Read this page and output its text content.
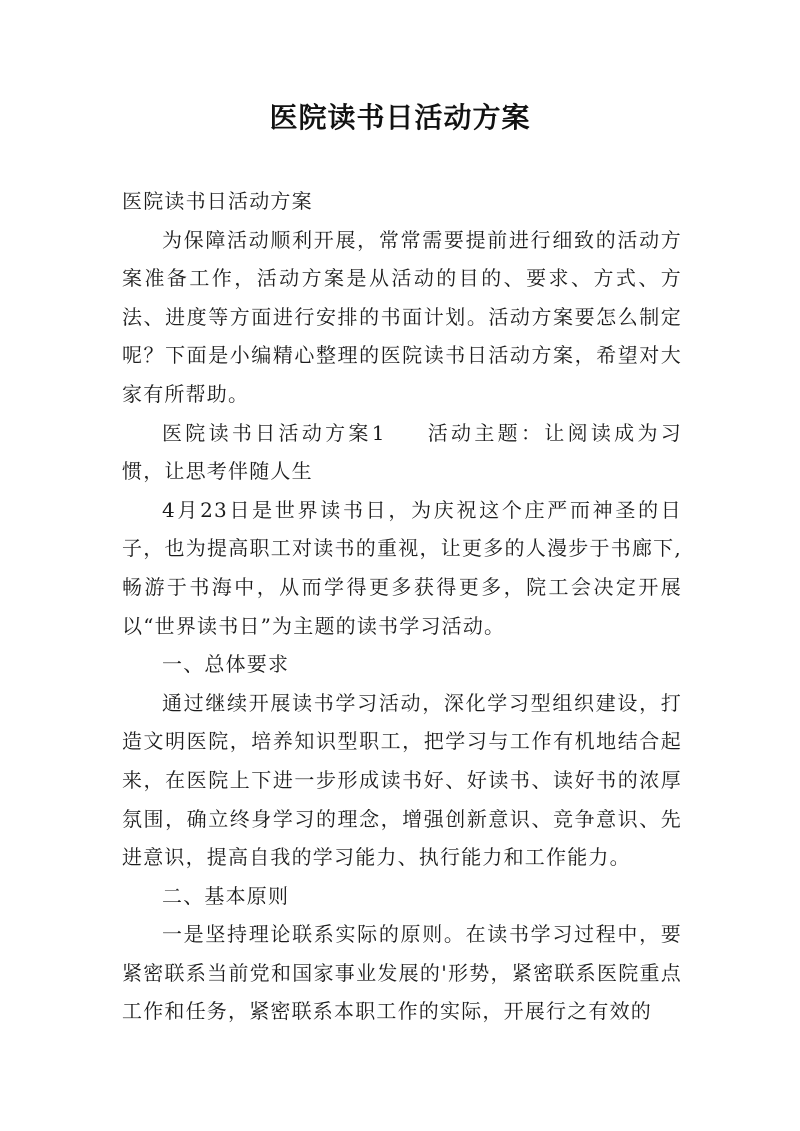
医院读书日活动方案

医院读书日活动方案

为保障活动顺利开展，常常需要提前进行细致的活动方案准备工作，活动方案是从活动的目的、要求、方式、方法、进度等方面进行安排的书面计划。活动方案要怎么制定呢？下面是小编精心整理的医院读书日活动方案，希望对大家有所帮助。

医院读书日活动方案1 活动主题：让阅读成为习惯，让思考伴随人生

4月23日是世界读书日，为庆祝这个庄严而神圣的日子，也为提高职工对读书的重视，让更多的人漫步于书廊下,畅游于书海中，从而学得更多获得更多，院工会决定开展以“世界读书日”为主题的读书学习活动。

一、总体要求

通过继续开展读书学习活动，深化学习型组织建设，打造文明医院，培养知识型职工，把学习与工作有机地结合起来，在医院上下进一步形成读书好、好读书、读好书的浓厚氛围，确立终身学习的理念，增强创新意识、竞争意识、先进意识，提高自我的学习能力、执行能力和工作能力。

二、基本原则

一是坚持理论联系实际的原则。在读书学习过程中，要紧密联系当前党和国家事业发展的'形势，紧密联系医院重点工作和任务，紧密联系本职工作的实际，开展行之有效的
